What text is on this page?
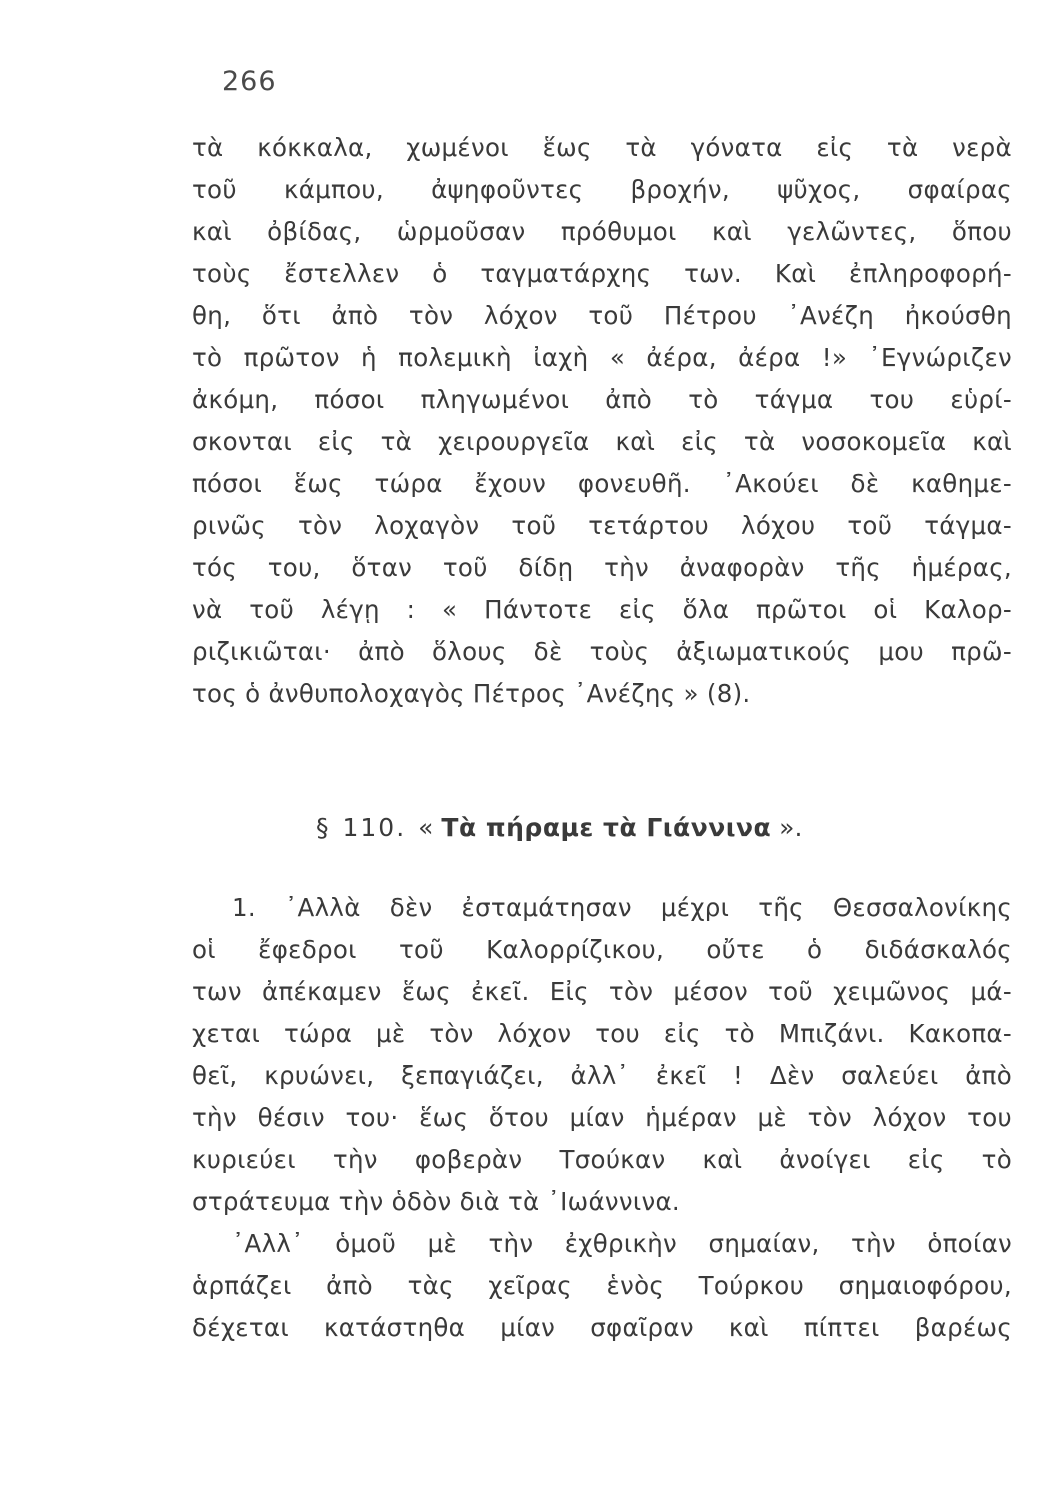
266
τὰ κόκκαλα, χωμένοι ἕως τὰ γόνατα εἰς τὰ νερὰ
τοῦ κάμπου, ἀψηφοῦντες βροχήν, ψῦχος, σφαίρας
καὶ ὀβίδας, ὡρμοῦσαν πρόθυμοι καὶ γελῶντες, ὅπου
τοὺς ἔστελλεν ὁ ταγματάρχης των. Καὶ ἐπληροφορή-
θη, ὅτι ἀπὸ τὸν λόχον τοῦ Πέτρου ᾿Ανέζη ἠκούσθη
τὸ πρῶτον ἡ πολεμικὴ ἰαχὴ « ἀέρα, ἀέρα !» ᾿Εγνώριζεν
ἀκόμη, πόσοι πληγωμένοι ἀπὸ τὸ τάγμα του εὑρί-
σκονται εἰς τὰ χειρουργεῖα καὶ εἰς τὰ νοσοκομεῖα καὶ
πόσοι ἕως τώρα ἔχουν φονευθῆ. ᾿Ακούει δὲ καθημε-
ρινῶς τὸν λοχαγὸν τοῦ τετάρτου λόχου τοῦ τάγμα-
τός του, ὅταν τοῦ δίδῃ τὴν ἀναφορὰν τῆς ἡμέρας,
νὰ τοῦ λέγῃ : « Πάντοτε εἰς ὅλα πρῶτοι οἱ Καλορ-
ριζικιῶται· ἀπὸ ὅλους δὲ τοὺς ἀξιωματικούς μου πρῶ-
τος ὁ ἀνθυπολοχαγὸς Πέτρος ᾿Ανέζης » (8).
§ 110. « Τὰ πήραμε τὰ Γιάννινα ».
1. ᾿Αλλὰ δὲν ἐσταμάτησαν μέχρι τῆς Θεσσαλονίκης
οἱ ἔφεδροι τοῦ Καλορρίζικου, οὔτε ὁ διδάσκαλός
των ἀπέκαμεν ἕως ἐκεῖ. Εἰς τὸν μέσον τοῦ χειμῶνος μά-
χεται τώρα μὲ τὸν λόχον του εἰς τὸ Μπιζάνι. Κακοπα-
θεῖ, κρυώνει, ξεπαγιάζει, ἀλλ᾿ ἐκεῖ ! Δὲν σαλεύει ἀπὸ
τὴν θέσιν του· ἕως ὅτου μίαν ἡμέραν μὲ τὸν λόχον του
κυριεύει τὴν φοβερὰν Τσούκαν καὶ ἀνοίγει εἰς τὸ
στράτευμα τὴν ὁδὸν διὰ τὰ ᾿Ιωάννινα.
᾿Αλλ᾿ ὁμοῦ μὲ τὴν ἐχθρικὴν σημαίαν, τὴν ὁποίαν
ἁρπάζει ἀπὸ τὰς χεῖρας ἑνὸς Τούρκου σημαιοφόρου,
δέχεται κατάστηθα μίαν σφαῖραν καὶ πίπτει βαρέως
